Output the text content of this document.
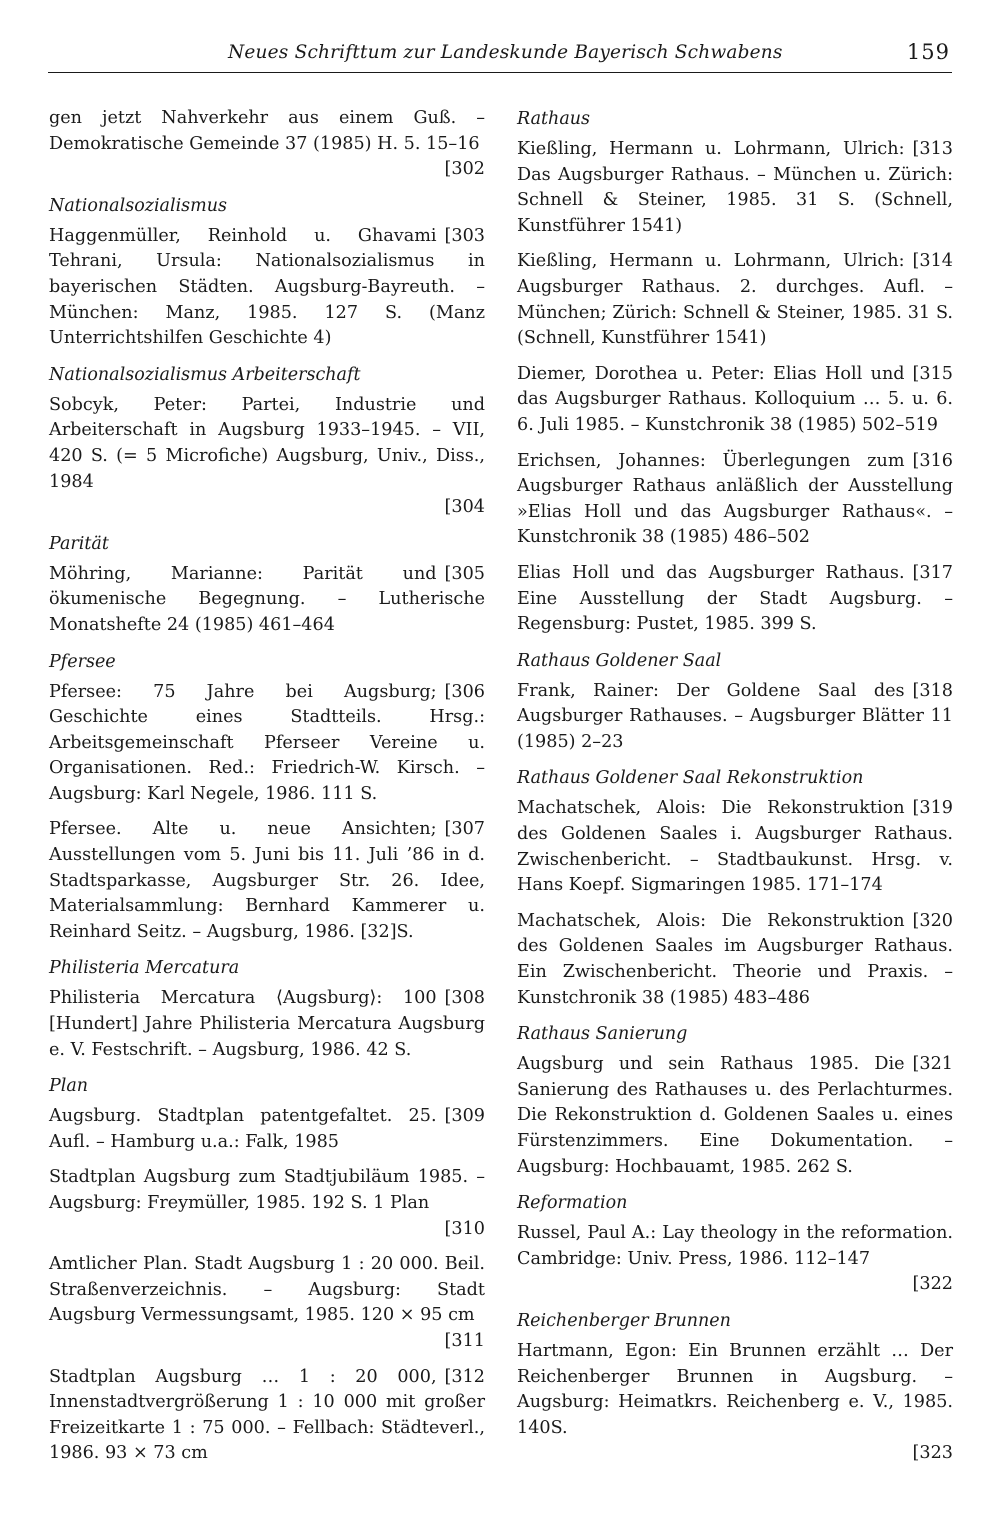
Neues Schrifttum zur Landeskunde Bayerisch Schwabens	159
gen jetzt Nahverkehr aus einem Guß. – Demokratische Gemeinde 37 (1985) H. 5. 15–16
[302
Nationalsozialismus
[303
Haggenmüller, Reinhold u. Ghavami Tehrani, Ursula: Nationalsozialismus in bayerischen Städten. Augsburg-Bayreuth. – München: Manz, 1985. 127 S. (Manz Unterrichtshilfen Geschichte 4)
Nationalsozialismus Arbeiterschaft
Sobcyk, Peter: Partei, Industrie und Arbeiterschaft in Augsburg 1933–1945. – VII, 420 S. (= 5 Microfiche) Augsburg, Univ., Diss., 1984
[304
Parität
[305
Möhring, Marianne: Parität und ökumenische Begegnung. – Lutherische Monatshefte 24 (1985) 461–464
Pfersee
[306
Pfersee: 75 Jahre bei Augsburg; Geschichte eines Stadtteils. Hrsg.: Arbeitsgemeinschaft Pferseer Vereine u. Organisationen. Red.: Friedrich-W. Kirsch. – Augsburg: Karl Negele, 1986. 111 S.
[307
Pfersee. Alte u. neue Ansichten; Ausstellungen vom 5. Juni bis 11. Juli ’86 in d. Stadtsparkasse, Augsburger Str. 26. Idee, Materialsammlung: Bernhard Kammerer u. Reinhard Seitz. – Augsburg, 1986. [32]S.
Philisteria Mercatura
[308
Philisteria Mercatura ⟨Augsburg⟩: 100 [Hundert] Jahre Philisteria Mercatura Augsburg e. V. Festschrift. – Augsburg, 1986. 42 S.
Plan
[309
Augsburg. Stadtplan patentgefaltet. 25. Aufl. – Hamburg u.a.: Falk, 1985
Stadtplan Augsburg zum Stadtjubiläum 1985. – Augsburg: Freymüller, 1985. 192 S. 1 Plan
[310
Amtlicher Plan. Stadt Augsburg 1 : 20 000. Beil. Straßenverzeichnis. – Augsburg: Stadt Augsburg Vermessungsamt, 1985. 120 × 95 cm
[311
[312
Stadtplan Augsburg … 1 : 20 000, Innenstadtvergrößerung 1 : 10 000 mit großer Freizeitkarte 1 : 75 000. – Fellbach: Städteverl., 1986. 93 × 73 cm
Rathaus
[313
Kießling, Hermann u. Lohrmann, Ulrich: Das Augsburger Rathaus. – München u. Zürich: Schnell & Steiner, 1985. 31 S. (Schnell, Kunstführer 1541)
[314
Kießling, Hermann u. Lohrmann, Ulrich: Augsburger Rathaus. 2. durchges. Aufl. – München; Zürich: Schnell & Steiner, 1985. 31 S. (Schnell, Kunstführer 1541)
[315
Diemer, Dorothea u. Peter: Elias Holl und das Augsburger Rathaus. Kolloquium … 5. u. 6. 6. Juli 1985. – Kunstchronik 38 (1985) 502–519
[316
Erichsen, Johannes: Überlegungen zum Augsburger Rathaus anläßlich der Ausstellung »Elias Holl und das Augsburger Rathaus«. – Kunstchronik 38 (1985) 486–502
[317
Elias Holl und das Augsburger Rathaus. Eine Ausstellung der Stadt Augsburg. – Regensburg: Pustet, 1985. 399 S.
Rathaus Goldener Saal
[318
Frank, Rainer: Der Goldene Saal des Augsburger Rathauses. – Augsburger Blätter 11 (1985) 2–23
Rathaus Goldener Saal Rekonstruktion
[319
Machatschek, Alois: Die Rekonstruktion des Goldenen Saales i. Augsburger Rathaus. Zwischenbericht. – Stadtbaukunst. Hrsg. v. Hans Koepf. Sigmaringen 1985. 171–174
[320
Machatschek, Alois: Die Rekonstruktion des Goldenen Saales im Augsburger Rathaus. Ein Zwischenbericht. Theorie und Praxis. – Kunstchronik 38 (1985) 483–486
Rathaus Sanierung
[321
Augsburg und sein Rathaus 1985. Die Sanierung des Rathauses u. des Perlachturmes. Die Rekonstruktion d. Goldenen Saales u. eines Fürstenzimmers. Eine Dokumentation. – Augsburg: Hochbauamt, 1985. 262 S.
Reformation
Russel, Paul A.: Lay theology in the reformation. Cambridge: Univ. Press, 1986. 112–147
[322
Reichenberger Brunnen
Hartmann, Egon: Ein Brunnen erzählt … Der Reichenberger Brunnen in Augsburg. – Augsburg: Heimatkrs. Reichenberg e. V., 1985. 140S.
[323
